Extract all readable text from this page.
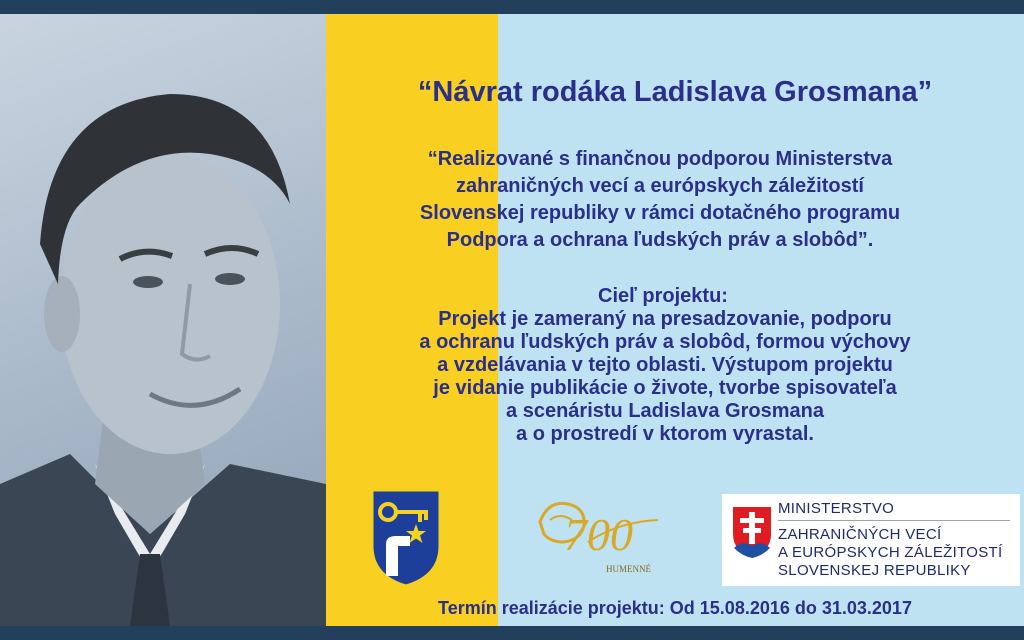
“Návrat rodáka Ladislava Grosmana”

“Realizované s finančnou podporou Ministerstva
zahraničných vecí a európskych záležitostí
Slovenskej republiky v rámci dotačného programu
Podpora a ochrana ľudských práv a slobôd”.

Cieľ projektu:

Projekt je zameraný na presadzovanie, podporu
a ochranu ľudských práv a slobôd, formou výchovy
a vzdelávania v tejto oblasti. Výstupom projektu
je vidanie publikácie o živote, tvorbe spisovateľa
a scenáristu Ladislava Grosmana
a o prostredí v ktorom vyrastal.

700
HUMENNÉ
MINISTERSTVO
ZAHRANIČNÝCH VECÍ
A EURÓPSKYCH ZÁLEŽITOSTÍ
SLOVENSKEJ REPUBLIKY
Termín realizácie projektu: Od 15.08.2016 do 31.03.2017
